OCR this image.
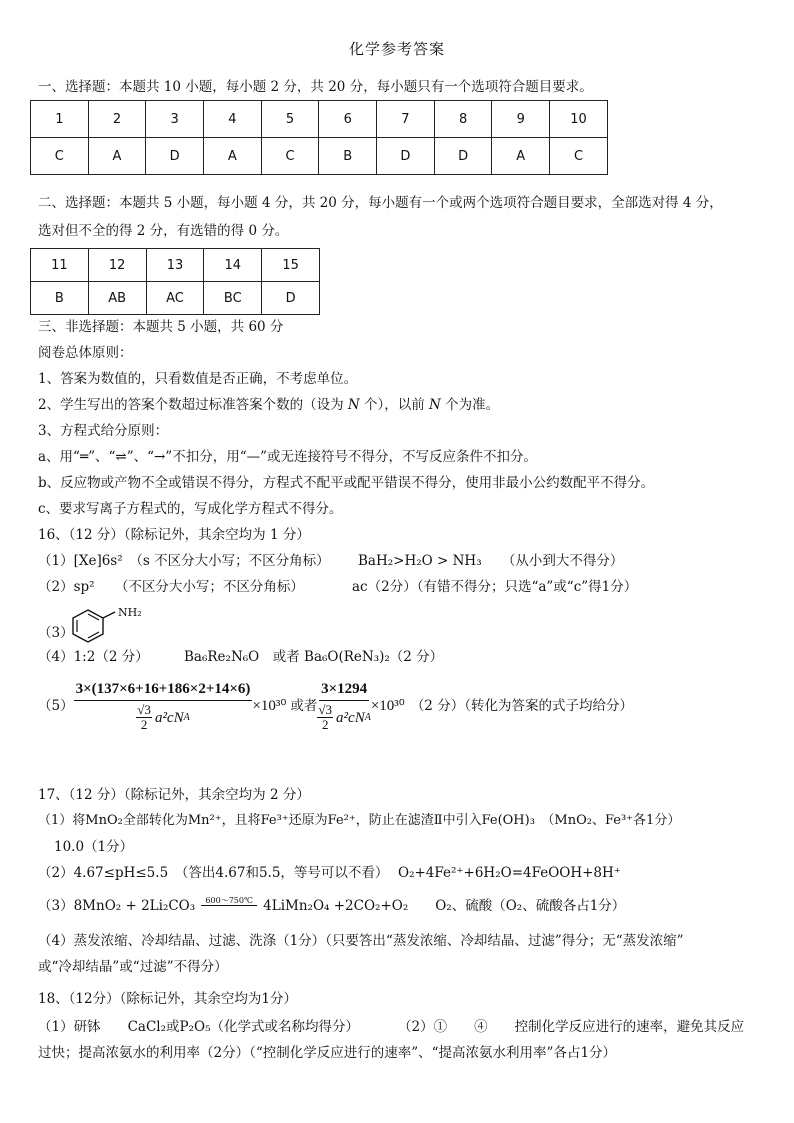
化学参考答案
一、选择题：本题共 10 小题，每小题 2 分，共 20 分，每小题只有一个选项符合题目要求。
1	2	3	4	5	6	7	8	9	10
C	A	D	A	C	B	D	D	A	C
二、选择题：本题共 5 小题，每小题 4 分，共 20 分，每小题有一个或两个选项符合题目要求，全部选对得 4 分，
选对但不全的得 2 分，有选错的得 0 分。
11	12	13	14	15
B	AB	AC	BC	D
三、非选择题：本题共 5 小题，共 60 分
阅卷总体原则：
1、答案为数值的，只看数值是否正确，不考虑单位。
2、学生写出的答案个数超过标准答案个数的（设为 N 个），以前 N 个为准。
3、方程式给分原则：
a、用“═”、“⇌”、“→”不扣分，用“—”或无连接符号不得分，不写反应条件不扣分。
b、反应物或产物不全或错误不得分，方程式不配平或配平错误不得分，使用非最小公约数配平不得分。
c、要求写离子方程式的，写成化学方程式不得分。
16、（12 分）（除标记外，其余空均为 1 分）
（1）[Xe]6s²　（s 不区分大小写；不区分角标） BaH₂>H₂O > NH₃　　（从小到大不得分）
（2）sp²　　（不区分大小写；不区分角标）	ac（2分）（有错不得分；只选“a”或“c”得1分）
（3）
NH₂
（4）1:2（2 分）	Ba₆Re₂N₆O　或者 Ba₆O(ReN₃)₂（2 分）
$(5) \frac{3\times(137\times 6+16+186\times 2+14\times 6)}{\frac{√3}{2} a^2cN A} \times 10^{30}$ 或者 $\frac{3\times 1294}{\frac{√3}{2} a^2cN A} \times 10^{30}$ （2 分）（转化为答案的式子均给分）
17、（12 分）（除标记外，其余空均为 2 分）
（1）将MnO₂全部转化为Mn²⁺，且将Fe³⁺还原为Fe²⁺，防止在滤渣Ⅱ中引入Fe(OH)₃　（MnO₂、Fe³⁺各1分）
10.0（1分）
（2）4.67≤pH≤5.5　（答出4.67和5.5，等号可以不看） O₂+4Fe²⁺+6H₂O=4FeOOH+8H⁺
（3）8MnO₂ + 2Li₂CO₃ 600～750℃ 4LiMn₂O₄ +2CO₂+O₂　　O₂、硫酸（O₂、硫酸各占1分）
（4）蒸发浓缩、冷却结晶、过滤、洗涤（1分）（只要答出“蒸发浓缩、冷却结晶、过滤”得分；无“蒸发浓缩”
或“冷却结晶”或“过滤”不得分）
18、（12分）（除标记外，其余空均为1分）
（1）研钵　　CaCl₂或P₂O₅（化学式或名称均得分）	（2）①　　④　　控制化学反应进行的速率，避免其反应
过快；提高浓氨水的利用率（2分）（“控制化学反应进行的速率”、“提高浓氨水利用率”各占1分）
